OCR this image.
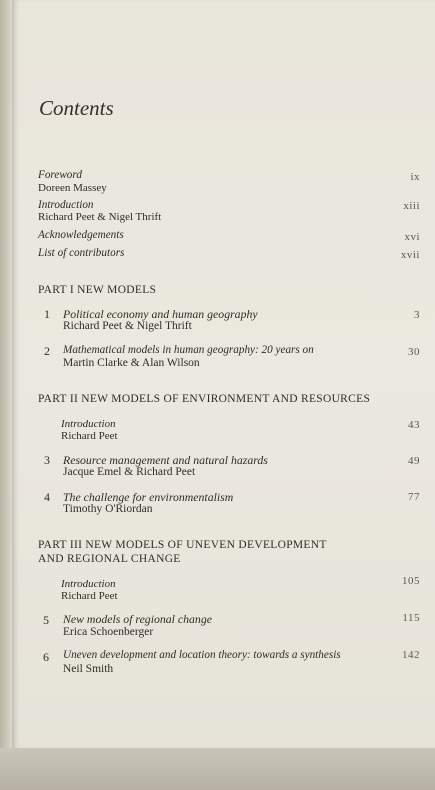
Contents
Foreword
Doreen Massey
ix
Introduction
Richard Peet & Nigel Thrift
xiii
Acknowledgements	xvi
List of contributors	xvii
PART I NEW MODELS
1 Political economy and human geography
Richard Peet & Nigel Thrift
3
2 Mathematical models in human geography: 20 years on
Martin Clarke & Alan Wilson
30
PART II NEW MODELS OF ENVIRONMENT AND RESOURCES
Introduction
Richard Peet
43
3 Resource management and natural hazards
Jacque Emel & Richard Peet
49
4 The challenge for environmentalism
Timothy O'Riordan
77
PART III NEW MODELS OF UNEVEN DEVELOPMENT
AND REGIONAL CHANGE
Introduction
Richard Peet
105
5 New models of regional change
Erica Schoenberger
115
6 Uneven development and location theory: towards a synthesis
Neil Smith
142
